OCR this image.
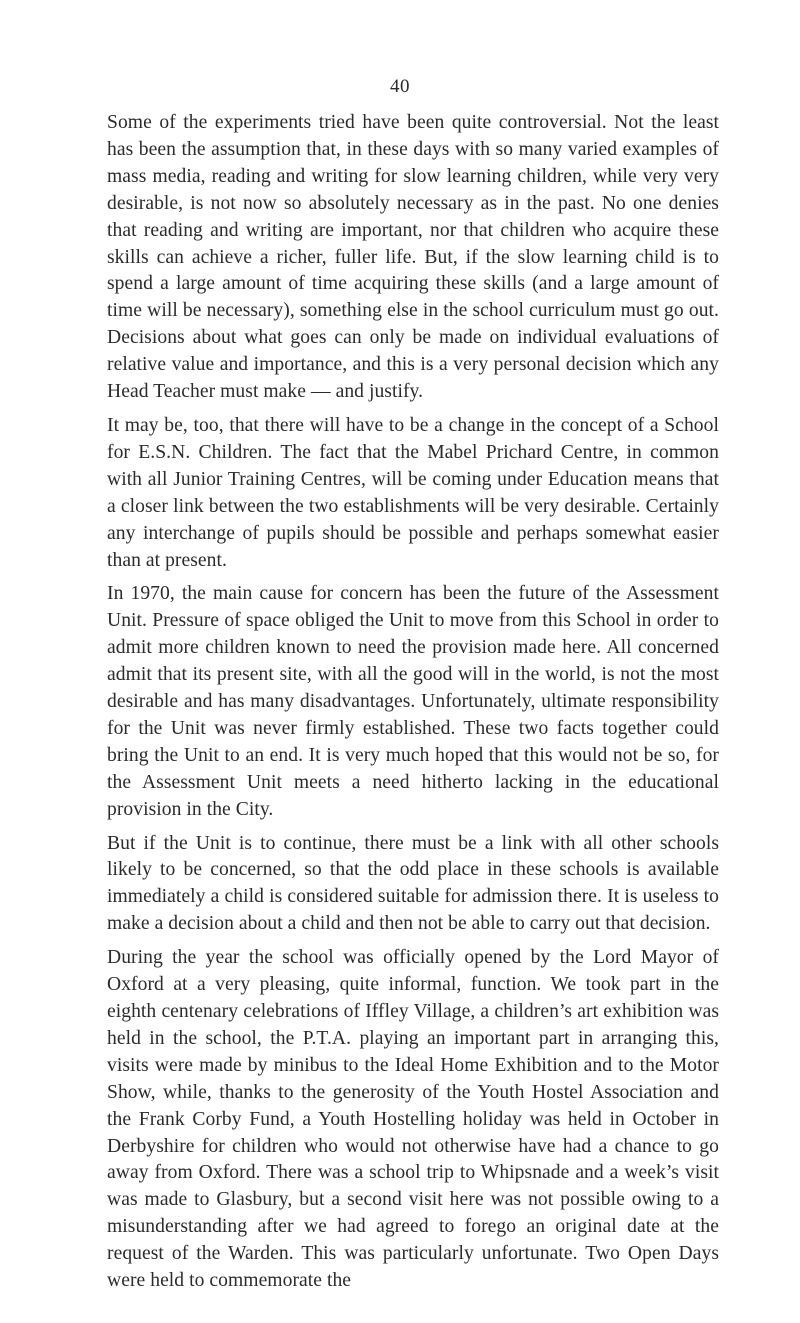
40

Some of the experiments tried have been quite controversial. Not the least has been the assumption that, in these days with so many varied examples of mass media, reading and writing for slow learning children, while very very desirable, is not now so absolutely necessary as in the past. No one denies that reading and writing are important, nor that children who acquire these skills can achieve a richer, fuller life. But, if the slow learning child is to spend a large amount of time acquiring these skills (and a large amount of time will be necessary), something else in the school curriculum must go out. Decisions about what goes can only be made on individual evaluations of relative value and importance, and this is a very personal decision which any Head Teacher must make — and justify.

It may be, too, that there will have to be a change in the concept of a School for E.S.N. Children. The fact that the Mabel Prichard Centre, in common with all Junior Training Centres, will be coming under Education means that a closer link between the two establishments will be very desirable. Certainly any interchange of pupils should be possible and perhaps somewhat easier than at present.

In 1970, the main cause for concern has been the future of the Assessment Unit. Pressure of space obliged the Unit to move from this School in order to admit more children known to need the provision made here. All concerned admit that its present site, with all the good will in the world, is not the most desirable and has many disadvantages. Unfortunately, ultimate responsibility for the Unit was never firmly established. These two facts together could bring the Unit to an end. It is very much hoped that this would not be so, for the Assessment Unit meets a need hitherto lacking in the educational provision in the City.

But if the Unit is to continue, there must be a link with all other schools likely to be concerned, so that the odd place in these schools is available immediately a child is considered suitable for admission there. It is useless to make a decision about a child and then not be able to carry out that decision.

During the year the school was officially opened by the Lord Mayor of Oxford at a very pleasing, quite informal, function. We took part in the eighth centenary celebrations of Iffley Village, a children’s art exhibition was held in the school, the P.T.A. playing an important part in arranging this, visits were made by minibus to the Ideal Home Exhibition and to the Motor Show, while, thanks to the generosity of the Youth Hostel Association and the Frank Corby Fund, a Youth Hostelling holiday was held in October in Derbyshire for children who would not otherwise have had a chance to go away from Oxford. There was a school trip to Whipsnade and a week’s visit was made to Glasbury, but a second visit here was not possible owing to a misunderstanding after we had agreed to forego an original date at the request of the Warden. This was particularly unfortunate. Two Open Days were held to commemorate the
